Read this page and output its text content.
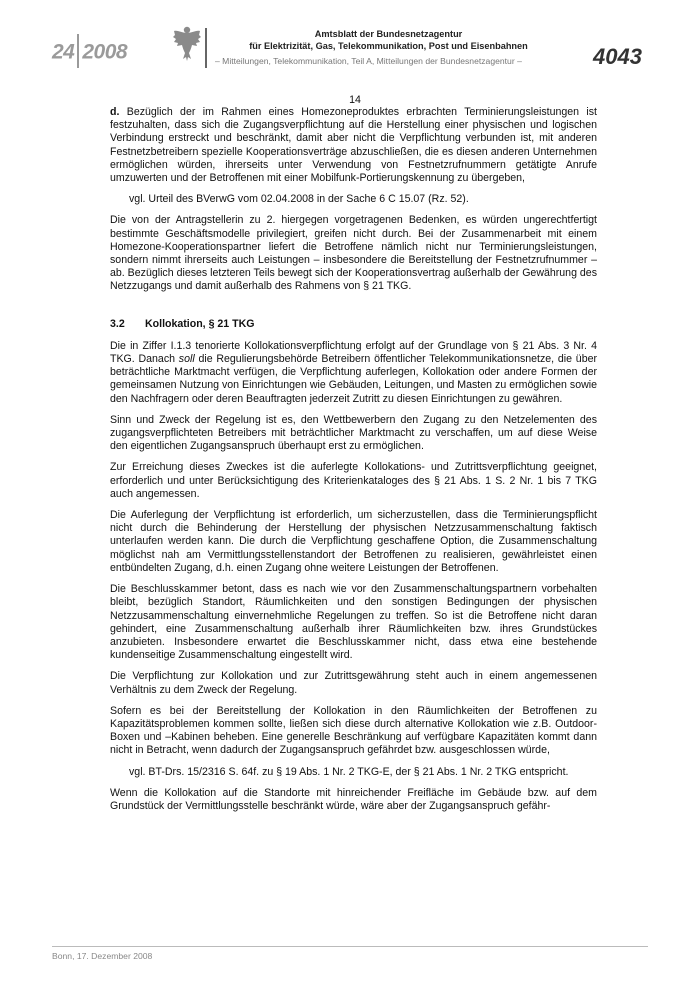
24 2008
Amtsblatt der Bundesnetzagentur
für Elektrizität, Gas, Telekommunikation, Post und Eisenbahnen
– Mitteilungen, Telekommunikation, Teil A, Mitteilungen der Bundesnetzagentur –	4043
14

d. Bezüglich der im Rahmen eines Homezoneproduktes erbrachten Terminierungsleistungen ist festzuhalten, dass sich die Zugangsverpflichtung auf die Herstellung einer physischen und logischen Verbindung erstreckt und beschränkt, damit aber nicht die Verpflichtung verbunden ist, mit anderen Festnetzbetreibern spezielle Kooperationsverträge abzuschließen, die es diesen anderen Unternehmen ermöglichen würden, ihrerseits unter Verwendung von Festnetzrufnummern getätigte Anrufe umzuwerten und der Betroffenen mit einer Mobilfunk-Portierungskennung zu übergeben,

vgl. Urteil des BVerwG vom 02.04.2008 in der Sache 6 C 15.07 (Rz. 52).

Die von der Antragstellerin zu 2. hiergegen vorgetragenen Bedenken, es würden ungerechtfertigt bestimmte Geschäftsmodelle privilegiert, greifen nicht durch. Bei der Zusammenarbeit mit einem Homezone-Kooperationspartner liefert die Betroffene nämlich nicht nur Terminierungsleistungen, sondern nimmt ihrerseits auch Leistungen – insbesondere die Bereitstellung der Festnetzrufnummer – ab. Bezüglich dieses letzteren Teils bewegt sich der Kooperationsvertrag außerhalb der Gewährung des Netzzugangs und damit außerhalb des Rahmens von § 21 TKG.

3.2 Kollokation, § 21 TKG

Die in Ziffer I.1.3 tenorierte Kollokationsverpflichtung erfolgt auf der Grundlage von § 21 Abs. 3 Nr. 4 TKG. Danach soll die Regulierungsbehörde Betreibern öffentlicher Telekommunikationsnetze, die über beträchtliche Marktmacht verfügen, die Verpflichtung auferlegen, Kollokation oder andere Formen der gemeinsamen Nutzung von Einrichtungen wie Gebäuden, Leitungen, und Masten zu ermöglichen sowie den Nachfragern oder deren Beauftragten jederzeit Zutritt zu diesen Einrichtungen zu gewähren.

Sinn und Zweck der Regelung ist es, den Wettbewerbern den Zugang zu den Netzelementen des zugangsverpflichteten Betreibers mit beträchtlicher Marktmacht zu verschaffen, um auf diese Weise den eigentlichen Zugangsanspruch überhaupt erst zu ermöglichen.

Zur Erreichung dieses Zweckes ist die auferlegte Kollokations- und Zutrittsverpflichtung geeignet, erforderlich und unter Berücksichtigung des Kriterienkataloges des § 21 Abs. 1 S. 2 Nr. 1 bis 7 TKG auch angemessen.

Die Auferlegung der Verpflichtung ist erforderlich, um sicherzustellen, dass die Terminierungspflicht nicht durch die Behinderung der Herstellung der physischen Netzzusammenschaltung faktisch unterlaufen werden kann. Die durch die Verpflichtung geschaffene Option, die Zusammenschaltung möglichst nah am Vermittlungsstellenstandort der Betroffenen zu realisieren, gewährleistet einen entbündelten Zugang, d.h. einen Zugang ohne weitere Leistungen der Betroffenen.

Die Beschlusskammer betont, dass es nach wie vor den Zusammenschaltungspartnern vorbehalten bleibt, bezüglich Standort, Räumlichkeiten und den sonstigen Bedingungen der physischen Netzzusammenschaltung einvernehmliche Regelungen zu treffen. So ist die Betroffene nicht daran gehindert, eine Zusammenschaltung außerhalb ihrer Räumlichkeiten bzw. ihres Grundstückes anzubieten. Insbesondere erwartet die Beschlusskammer nicht, dass etwa eine bestehende kundenseitige Zusammenschaltung eingestellt wird.

Die Verpflichtung zur Kollokation und zur Zutrittsgewährung steht auch in einem angemessenen Verhältnis zu dem Zweck der Regelung.

Sofern es bei der Bereitstellung der Kollokation in den Räumlichkeiten der Betroffenen zu Kapazitätsproblemen kommen sollte, ließen sich diese durch alternative Kollokation wie z.B. Outdoor-Boxen und –Kabinen beheben. Eine generelle Beschränkung auf verfügbare Kapazitäten kommt dann nicht in Betracht, wenn dadurch der Zugangsanspruch gefährdet bzw. ausgeschlossen würde,

vgl. BT-Drs. 15/2316 S. 64f. zu § 19 Abs. 1 Nr. 2 TKG-E, der § 21 Abs. 1 Nr. 2 TKG entspricht.

Wenn die Kollokation auf die Standorte mit hinreichender Freifläche im Gebäude bzw. auf dem Grundstück der Vermittlungsstelle beschränkt würde, wäre aber der Zugangsanspruch gefähr-

Bonn, 17. Dezember 2008
